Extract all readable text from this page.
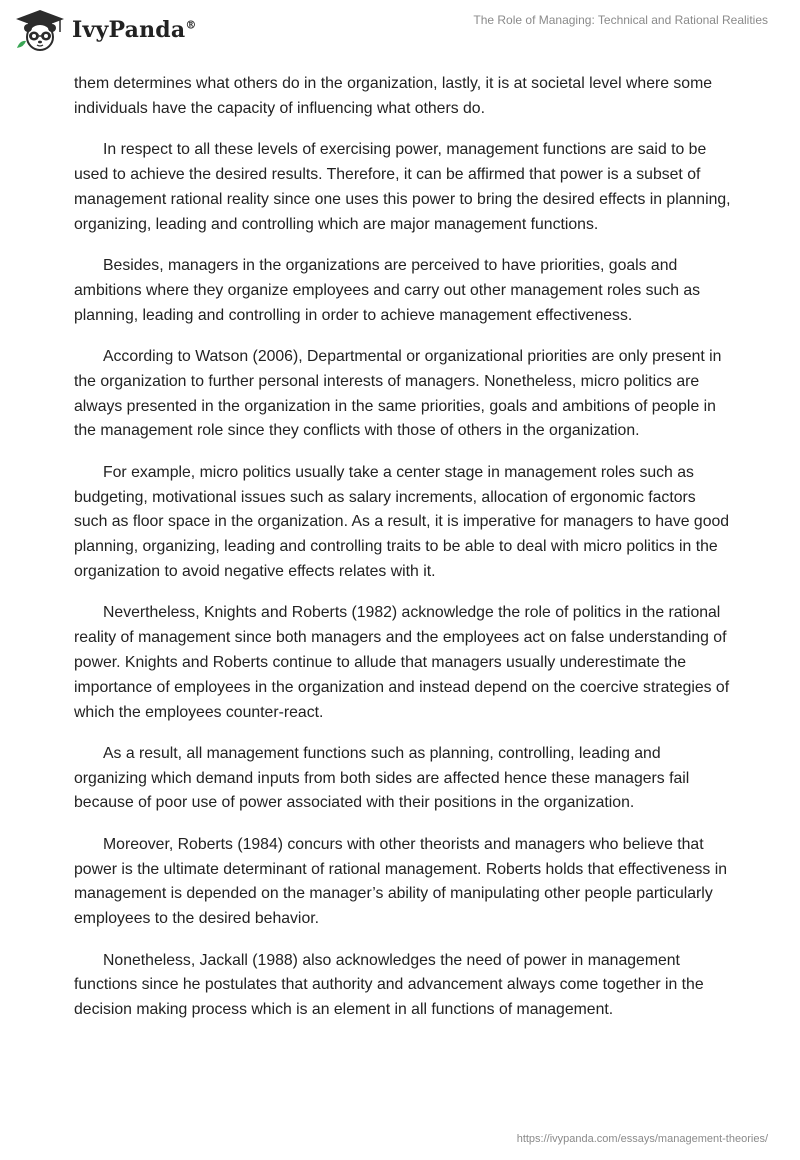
IvyPanda®	The Role of Managing: Technical and Rational Realities

them determines what others do in the organization, lastly, it is at societal level where some individuals have the capacity of influencing what others do.

In respect to all these levels of exercising power, management functions are said to be used to achieve the desired results. Therefore, it can be affirmed that power is a subset of management rational reality since one uses this power to bring the desired effects in planning, organizing, leading and controlling which are major management functions.

Besides, managers in the organizations are perceived to have priorities, goals and ambitions where they organize employees and carry out other management roles such as planning, leading and controlling in order to achieve management effectiveness.

According to Watson (2006), Departmental or organizational priorities are only present in the organization to further personal interests of managers. Nonetheless, micro politics are always presented in the organization in the same priorities, goals and ambitions of people in the management role since they conflicts with those of others in the organization.

For example, micro politics usually take a center stage in management roles such as budgeting, motivational issues such as salary increments, allocation of ergonomic factors such as floor space in the organization. As a result, it is imperative for managers to have good planning, organizing, leading and controlling traits to be able to deal with micro politics in the organization to avoid negative effects relates with it.

Nevertheless, Knights and Roberts (1982) acknowledge the role of politics in the rational reality of management since both managers and the employees act on false understanding of power. Knights and Roberts continue to allude that managers usually underestimate the importance of employees in the organization and instead depend on the coercive strategies of which the employees counter-react.

As a result, all management functions such as planning, controlling, leading and organizing which demand inputs from both sides are affected hence these managers fail because of poor use of power associated with their positions in the organization.

Moreover, Roberts (1984) concurs with other theorists and managers who believe that power is the ultimate determinant of rational management. Roberts holds that effectiveness in management is depended on the manager’s ability of manipulating other people particularly employees to the desired behavior.

Nonetheless, Jackall (1988) also acknowledges the need of power in management functions since he postulates that authority and advancement always come together in the decision making process which is an element in all functions of management.

https://ivypanda.com/essays/management-theories/
